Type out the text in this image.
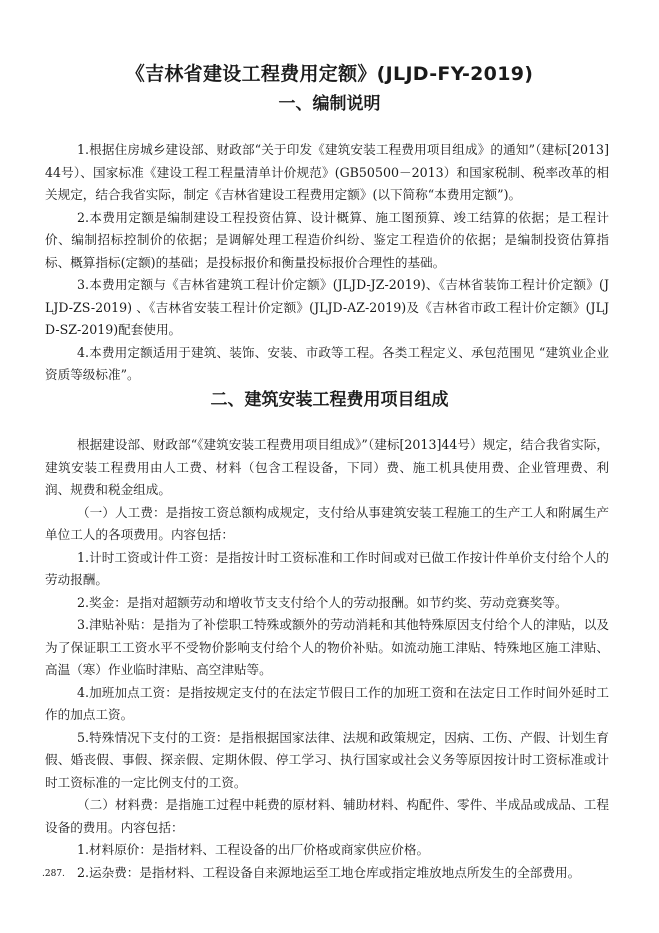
《吉林省建设工程费用定额》(JLJD-FY-2019)
一、编制说明

1.根据住房城乡建设部、财政部“关于印发《建筑安装工程费用项目组成》的通知”（建标[2013]44号）、国家标准《建设工程工程量清单计价规范》(GB50500－2013）和国家税制、税率改革的相关规定，结合我省实际，制定《吉林省建设工程费用定额》(以下简称“本费用定额”)。

2.本费用定额是编制建设工程投资估算、设计概算、施工图预算、竣工结算的依据；是工程计价、编制招标控制价的依据；是调解处理工程造价纠纷、鉴定工程造价的依据；是编制投资估算指标、概算指标(定额)的基础；是投标报价和衡量投标报价合理性的基础。

3.本费用定额与《吉林省建筑工程计价定额》(JLJD-JZ-2019)、《吉林省装饰工程计价定额》(JLJD-ZS-2019) 、《吉林省安装工程计价定额》(JLJD-AZ-2019)及《吉林省市政工程计价定额》(JLJD-SZ-2019)配套使用。

4.本费用定额适用于建筑、装饰、安装、市政等工程。各类工程定义、承包范围见 “建筑业企业资质等级标准”。

二、建筑安装工程费用项目组成

根据建设部、财政部“《建筑安装工程费用项目组成》”（建标[2013]44号）规定，结合我省实际，建筑安装工程费用由人工费、材料（包含工程设备，下同）费、施工机具使用费、企业管理费、利润、规费和税金组成。

（一）人工费：是指按工资总额构成规定，支付给从事建筑安装工程施工的生产工人和附属生产单位工人的各项费用。内容包括：

1.计时工资或计件工资：是指按计时工资标准和工作时间或对已做工作按计件单价支付给个人的劳动报酬。

2.奖金：是指对超额劳动和增收节支支付给个人的劳动报酬。如节约奖、劳动竞赛奖等。

3.津贴补贴：是指为了补偿职工特殊或额外的劳动消耗和其他特殊原因支付给个人的津贴，以及为了保证职工工资水平不受物价影响支付给个人的物价补贴。如流动施工津贴、特殊地区施工津贴、高温（寒）作业临时津贴、高空津贴等。

4.加班加点工资：是指按规定支付的在法定节假日工作的加班工资和在法定日工作时间外延时工作的加点工资。

5.特殊情况下支付的工资：是指根据国家法律、法规和政策规定，因病、工伤、产假、计划生育假、婚丧假、事假、探亲假、定期休假、停工学习、执行国家或社会义务等原因按计时工资标准或计时工资标准的一定比例支付的工资。

（二）材料费：是指施工过程中耗费的原材料、辅助材料、构配件、零件、半成品或成品、工程设备的费用。内容包括：

1.材料原价：是指材料、工程设备的出厂价格或商家供应价格。

2.运杂费：是指材料、工程设备自来源地运至工地仓库或指定堆放地点所发生的全部费用。

.287.
